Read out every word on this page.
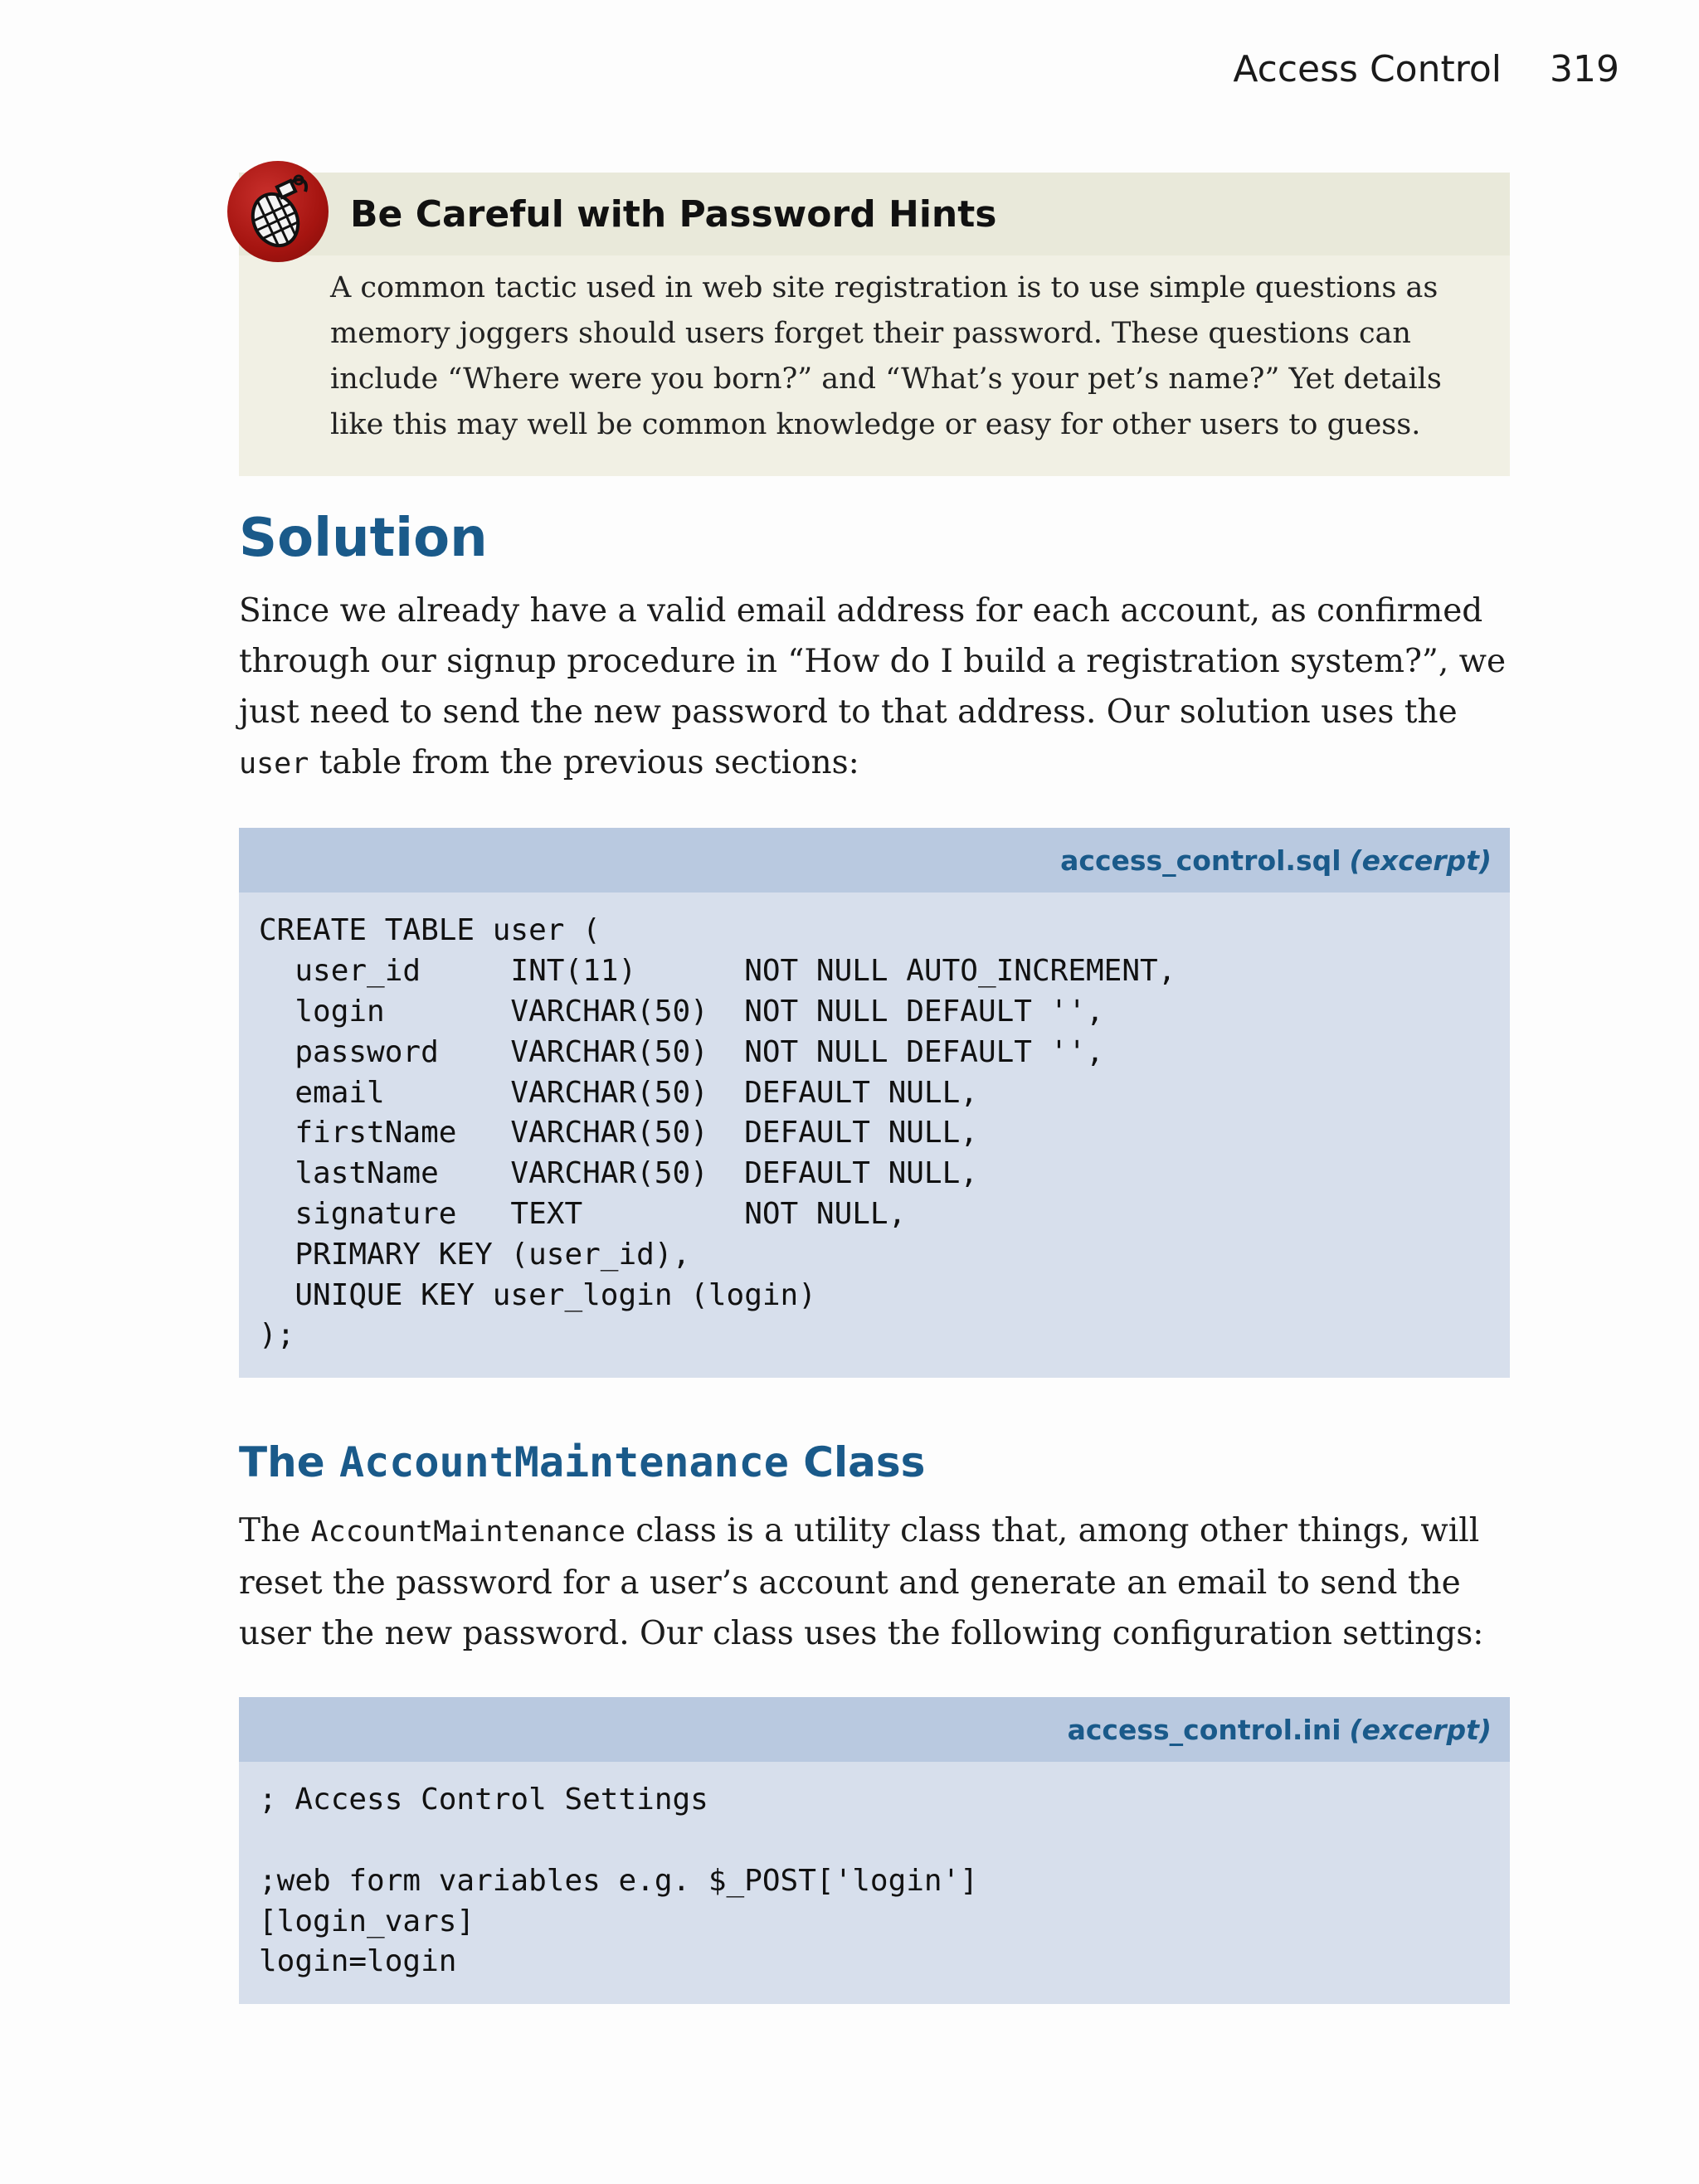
Access Control 319
Be Careful with Password Hints
A common tactic used in web site registration is to use simple questions as memory joggers should users forget their password. These questions can include “Where were you born?” and “What’s your pet’s name?” Yet details like this may well be common knowledge or easy for other users to guess.
Solution

Since we already have a valid email address for each account, as confirmed through our signup procedure in “How do I build a registration system?”, we just need to send the new password to that address. Our solution uses the user table from the previous sections:

access_control.sql (excerpt)
CREATE TABLE user (
user_id     INT(11)      NOT NULL AUTO_INCREMENT,
login       VARCHAR(50)  NOT NULL DEFAULT '',
password    VARCHAR(50)  NOT NULL DEFAULT '',
email       VARCHAR(50)  DEFAULT NULL,
firstName   VARCHAR(50)  DEFAULT NULL,
lastName    VARCHAR(50)  DEFAULT NULL,
signature   TEXT         NOT NULL,
PRIMARY KEY (user_id),
UNIQUE KEY user_login (login)
);
The AccountMaintenance Class

The AccountMaintenance class is a utility class that, among other things, will reset the password for a user’s account and generate an email to send the user the new password. Our class uses the following configuration settings:

access_control.ini (excerpt)
; Access Control Settings

;web form variables e.g. $_POST['login']
[login_vars]
login=login
